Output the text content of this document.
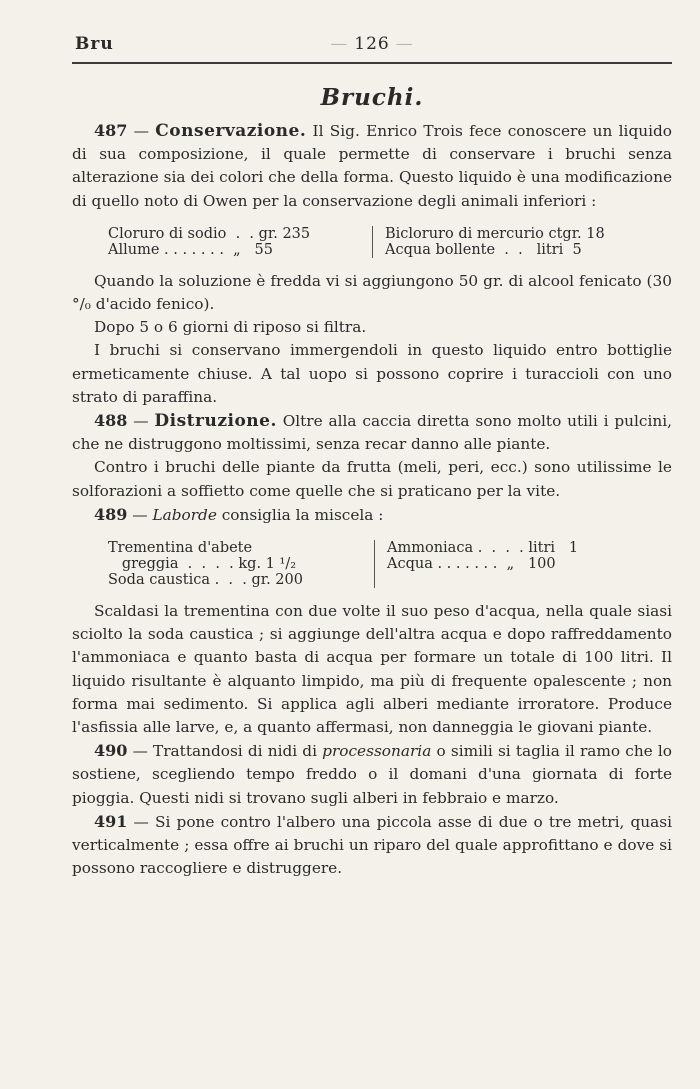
Bru	— 126 —
Bruchi.

487 — Conservazione. Il Sig. Enrico Trois fece conoscere un liquido di sua composizione, il quale permette di conservare i bruchi senza alterazione sia dei colori che della forma. Questo liquido è una modificazione di quello noto di Owen per la conservazione degli animali inferiori :

Cloruro di sodio  .  . gr. 235
Allume . . . . . . .  „   55
Bicloruro di mercurio ctgr. 18
Acqua bollente  .  .   litri  5

Quando la soluzione è fredda vi si aggiungono 50 gr. di alcool fenicato (30 °/₀ d'acido fenico).

Dopo 5 o 6 giorni di riposo si filtra.

I bruchi si conservano immergendoli in questo liquido entro bottiglie ermeticamente chiuse. A tal uopo si possono coprire i turaccioli con uno strato di paraffina.

488 — Distruzione. Oltre alla caccia diretta sono molto utili i pulcini, che ne distruggono moltissimi, senza recar danno alle piante.

Contro i bruchi delle piante da frutta (meli, peri, ecc.) sono utilissime le solforazioni a soffietto come quelle che si praticano per la vite.

489 — Laborde consiglia la miscela :

Trementina d'abete
greggia  .  .  .  . kg. 1 ¹/₂
Soda caustica .  .  . gr. 200
Ammoniaca .  .  .  . litri   1
Acqua . . . . . . .  „   100

Scaldasi la trementina con due volte il suo peso d'acqua, nella quale siasi sciolto la soda caustica ; si aggiunge dell'altra acqua e dopo raffreddamento l'ammoniaca e quanto basta di acqua per formare un totale di 100 litri. Il liquido risultante è alquanto limpido, ma più di frequente opalescente ; non forma mai sedimento. Si applica agli alberi mediante irroratore. Produce l'asfissia alle larve, e, a quanto affermasi, non danneggia le giovani piante.

490 — Trattandosi di nidi di processonaria o simili si taglia il ramo che lo sostiene, scegliendo tempo freddo o il domani d'una giornata di forte pioggia. Questi nidi si trovano sugli alberi in febbraio e marzo.

491 — Si pone contro l'albero una piccola asse di due o tre metri, quasi verticalmente ; essa offre ai bruchi un riparo del quale approfittano e dove si possono raccogliere e distruggere.
